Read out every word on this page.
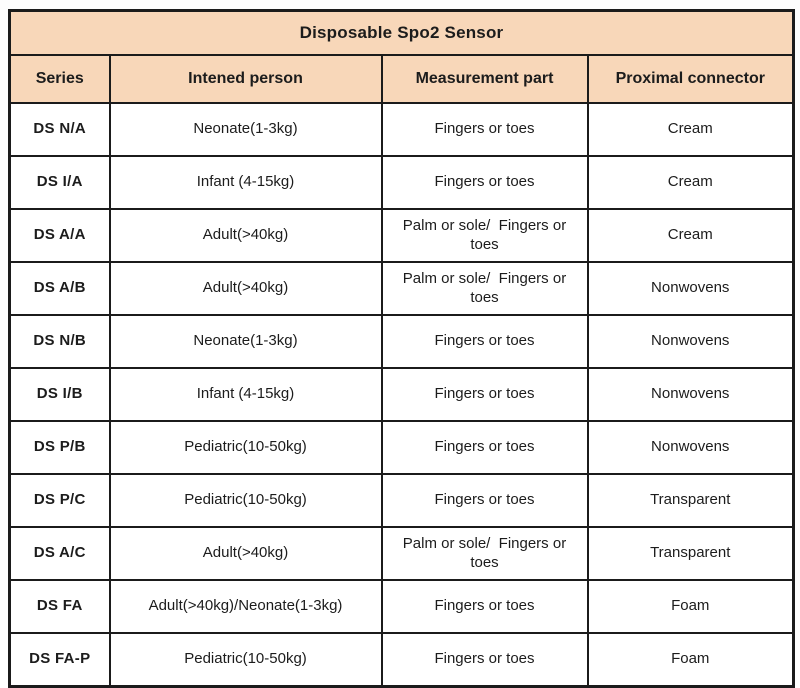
Disposable Spo2 Sensor			
Series	Intened person	Measurement part	Proximal connector
DS N/A	Neonate(1-3kg)	Fingers or toes	Cream
DS I/A	Infant (4-15kg)	Fingers or toes	Cream
DS A/A	Adult(>40kg)	Palm or sole/  Fingers or toes	Cream
DS A/B	Adult(>40kg)	Palm or sole/  Fingers or toes	Nonwovens
DS N/B	Neonate(1-3kg)	Fingers or toes	Nonwovens
DS I/B	Infant (4-15kg)	Fingers or toes	Nonwovens
DS P/B	Pediatric(10-50kg)	Fingers or toes	Nonwovens
DS P/C	Pediatric(10-50kg)	Fingers or toes	Transparent
DS A/C	Adult(>40kg)	Palm or sole/  Fingers or toes	Transparent
DS FA	Adult(>40kg)/Neonate(1-3kg)	Fingers or toes	Foam
DS FA-P	Pediatric(10-50kg)	Fingers or toes	Foam
